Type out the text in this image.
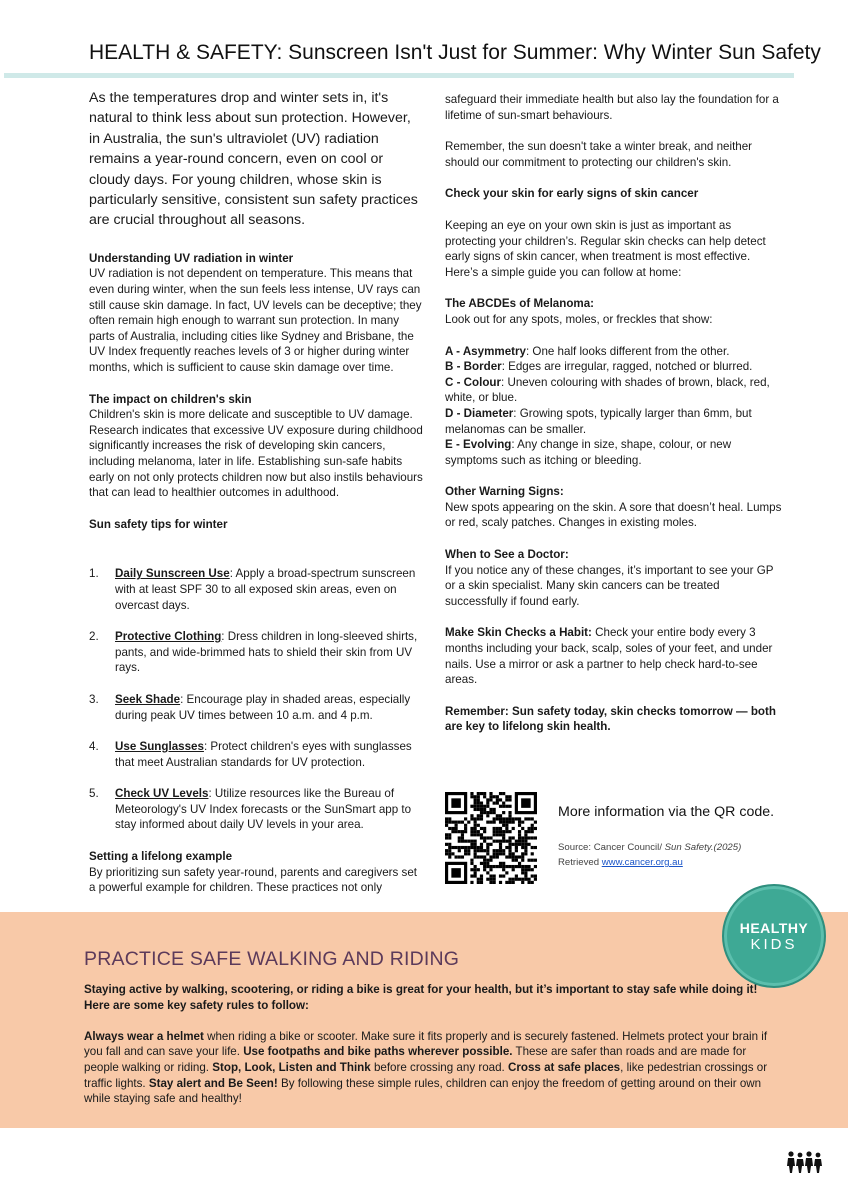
HEALTH & SAFETY: Sunscreen Isn't Just for Summer: Why Winter Sun Safety

As the temperatures drop and winter sets in, it's natural to think less about sun protection. However, in Australia, the sun's ultraviolet (UV) radiation remains a year-round concern, even on cool or cloudy days. For young children, whose skin is particularly sensitive, consistent sun safety practices are crucial throughout all seasons.

Understanding UV radiation in winter

UV radiation is not dependent on temperature. This means that even during winter, when the sun feels less intense, UV rays can still cause skin damage. In fact, UV levels can be deceptive; they often remain high enough to warrant sun protection. In many parts of Australia, including cities like Sydney and Brisbane, the UV Index frequently reaches levels of 3 or higher during winter months, which is sufficient to cause skin damage over time.

The impact on children's skin

Children's skin is more delicate and susceptible to UV damage. Research indicates that excessive UV exposure during childhood significantly increases the risk of developing skin cancers, including melanoma, later in life. Establishing sun-safe habits early on not only protects children now but also instils behaviours that can lead to healthier outcomes in adulthood.

Sun safety tips for winter

1. Daily Sunscreen Use: Apply a broad-spectrum sunscreen with at least SPF 30 to all exposed skin areas, even on overcast days.
2. Protective Clothing: Dress children in long-sleeved shirts, pants, and wide-brimmed hats to shield their skin from UV rays.
3. Seek Shade: Encourage play in shaded areas, especially during peak UV times between 10 a.m. and 4 p.m.
4. Use Sunglasses: Protect children's eyes with sunglasses that meet Australian standards for UV protection.
5. Check UV Levels: Utilize resources like the Bureau of Meteorology's UV Index forecasts or the SunSmart app to stay informed about daily UV levels in your area.

Setting a lifelong example

By prioritizing sun safety year-round, parents and caregivers set a powerful example for children. These practices not only

safeguard their immediate health but also lay the foundation for a lifetime of sun-smart behaviours.

Remember, the sun doesn't take a winter break, and neither should our commitment to protecting our children's skin.

Check your skin for early signs of skin cancer

Keeping an eye on your own skin is just as important as protecting your children’s. Regular skin checks can help detect early signs of skin cancer, when treatment is most effective. Here’s a simple guide you can follow at home:

The ABCDEs of Melanoma:

Look out for any spots, moles, or freckles that show:

A - Asymmetry: One half looks different from the other.

B - Border: Edges are irregular, ragged, notched or blurred.

C - Colour: Uneven colouring with shades of brown, black, red, white, or blue.

D - Diameter: Growing spots, typically larger than 6mm, but melanomas can be smaller.

E - Evolving: Any change in size, shape, colour, or new symptoms such as itching or bleeding.

Other Warning Signs:

New spots appearing on the skin. A sore that doesn’t heal. Lumps or red, scaly patches. Changes in existing moles.

When to See a Doctor:

If you notice any of these changes, it’s important to see your GP or a skin specialist. Many skin cancers can be treated successfully if found early.

Make Skin Checks a Habit: Check your entire body every 3 months including your back, scalp, soles of your feet, and under nails. Use a mirror or ask a partner to help check hard-to-see areas.

Remember: Sun safety today, skin checks tomorrow — both are key to lifelong skin health.

More information via the QR code.
Source: Cancer Council/ Sun Safety.(2025)
Retrieved www.cancer.org.au
HEALTHY
KIDS
PRACTICE SAFE WALKING AND RIDING

Staying active by walking, scootering, or riding a bike is great for your health, but it’s important to stay safe while doing it! Here are some key safety rules to follow:

Always wear a helmet when riding a bike or scooter. Make sure it fits properly and is securely fastened. Helmets protect your brain if you fall and can save your life. Use footpaths and bike paths wherever possible. These are safer than roads and are made for people walking or riding. Stop, Look, Listen and Think before crossing any road. Cross at safe places, like pedestrian crossings or traffic lights. Stay alert and Be Seen! By following these simple rules, children can enjoy the freedom of getting around on their own while staying safe and healthy!
